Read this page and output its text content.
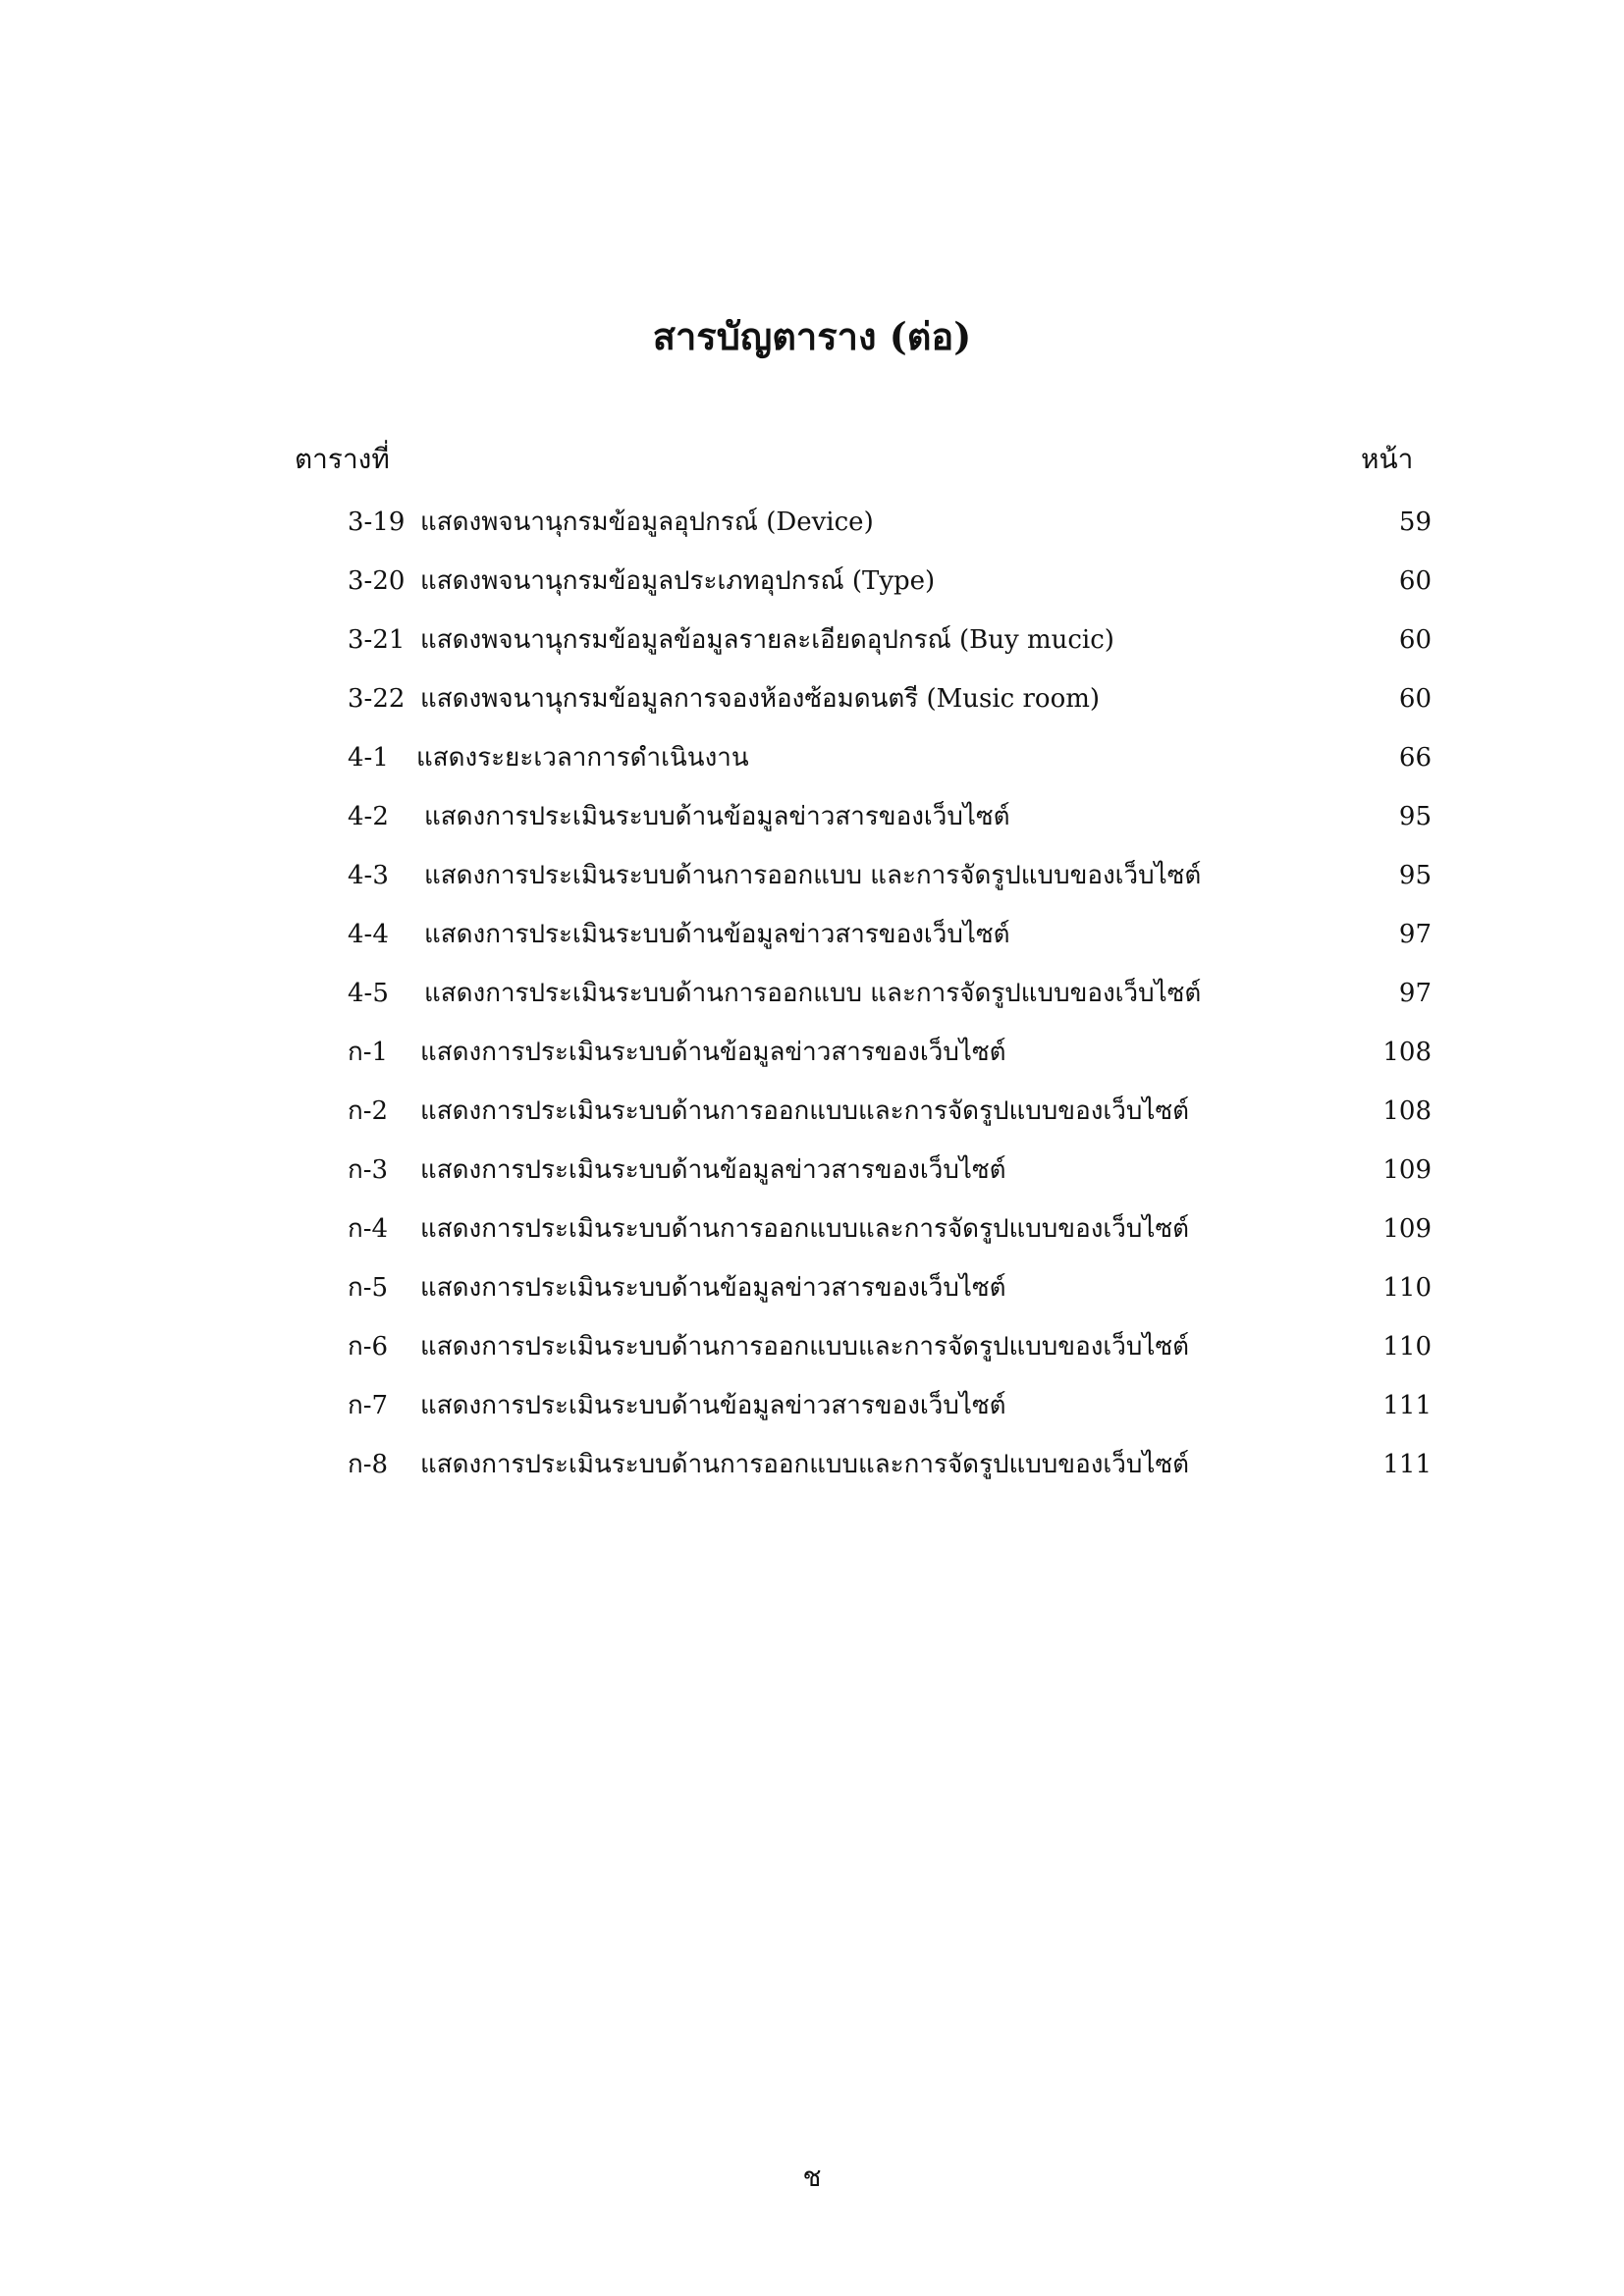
สารบัญตาราง (ต่อ)
ตารางที่	หน้า
3-19 แสดงพจนานุกรมข้อมูลอุปกรณ์ (Device)	59
3-20 แสดงพจนานุกรมข้อมูลประเภทอุปกรณ์ (Type)	60
3-21 แสดงพจนานุกรมข้อมูลข้อมูลรายละเอียดอุปกรณ์ (Buy mucic)	60
3-22 แสดงพจนานุกรมข้อมูลการจองห้องซ้อมดนตรี (Music room)	60
4-1 แสดงระยะเวลาการดำเนินงาน	66
4-2 แสดงการประเมินระบบด้านข้อมูลข่าวสารของเว็บไซต์	95
4-3 แสดงการประเมินระบบด้านการออกแบบ และการจัดรูปแบบของเว็บไซต์	95
4-4 แสดงการประเมินระบบด้านข้อมูลข่าวสารของเว็บไซต์	97
4-5 แสดงการประเมินระบบด้านการออกแบบ และการจัดรูปแบบของเว็บไซต์	97
ก-1 แสดงการประเมินระบบด้านข้อมูลข่าวสารของเว็บไซต์	108
ก-2 แสดงการประเมินระบบด้านการออกแบบและการจัดรูปแบบของเว็บไซต์	108
ก-3 แสดงการประเมินระบบด้านข้อมูลข่าวสารของเว็บไซต์	109
ก-4 แสดงการประเมินระบบด้านการออกแบบและการจัดรูปแบบของเว็บไซต์	109
ก-5 แสดงการประเมินระบบด้านข้อมูลข่าวสารของเว็บไซต์	110
ก-6 แสดงการประเมินระบบด้านการออกแบบและการจัดรูปแบบของเว็บไซต์	110
ก-7 แสดงการประเมินระบบด้านข้อมูลข่าวสารของเว็บไซต์	111
ก-8 แสดงการประเมินระบบด้านการออกแบบและการจัดรูปแบบของเว็บไซต์	111
ช
